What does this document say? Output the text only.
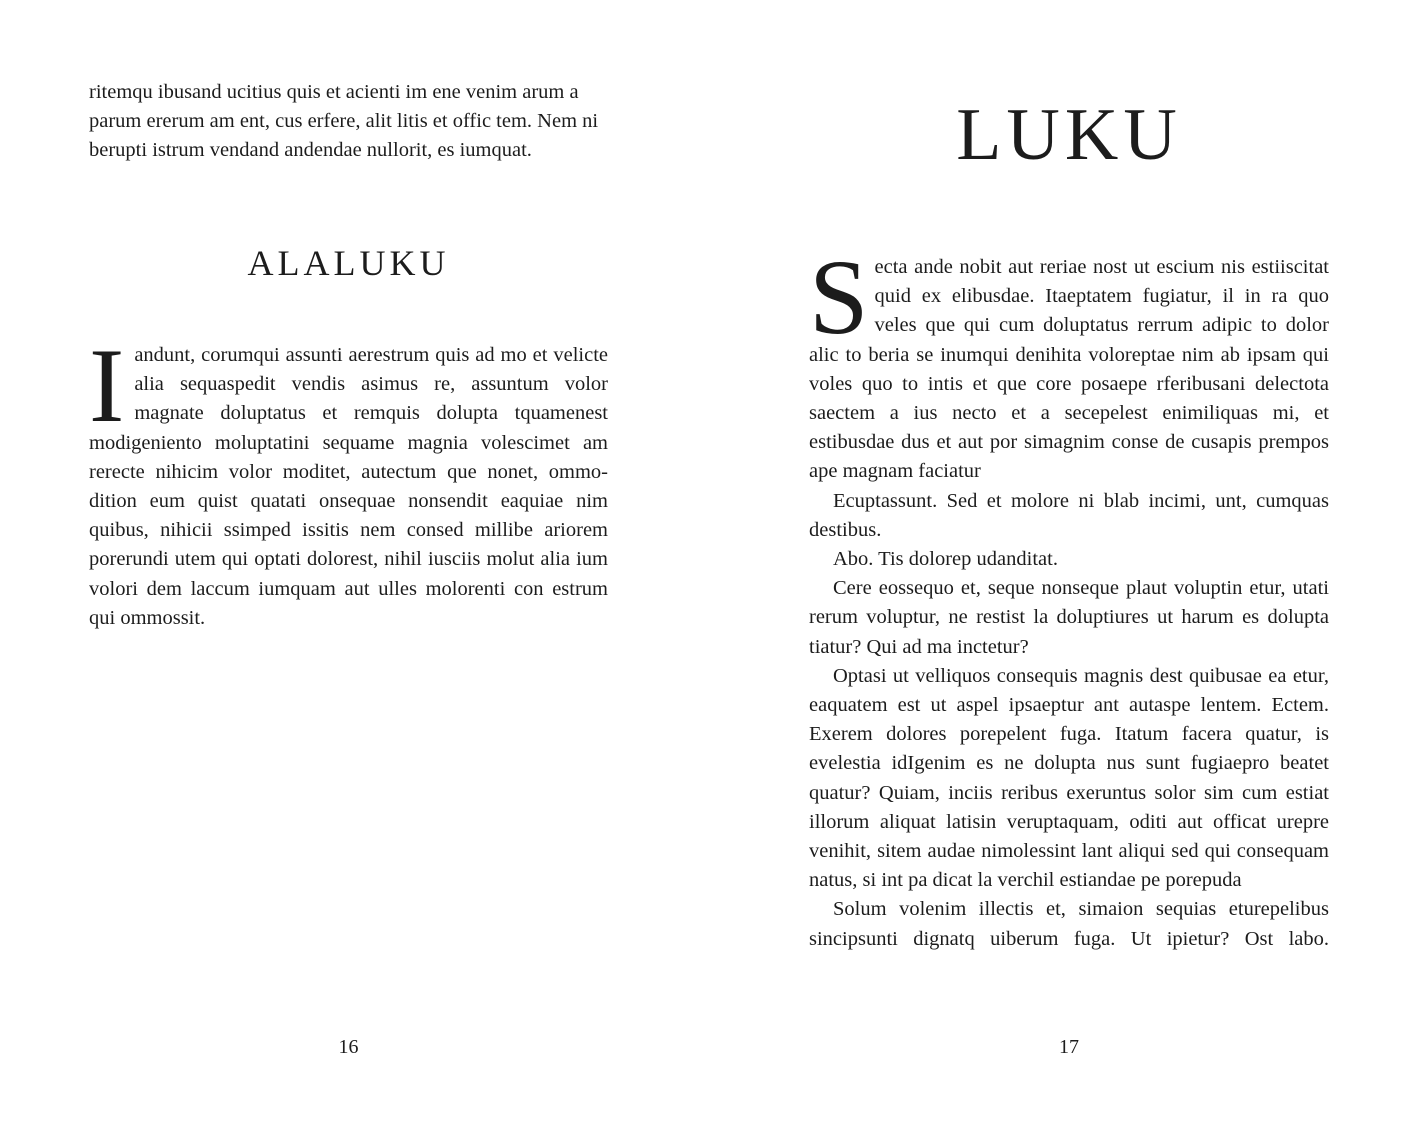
ritemqu ibusand ucitius quis et acienti im ene venim arum a parum ererum am ent, cus erfere, alit litis et offic tem. Nem ni berupti istrum vendand andendae nullorit, es iumquat.

ALALUKU

Iandunt, corumqui assunti aerestrum quis ad mo et velicte alia sequaspedit vendis asimus re, assuntum volor magnate doluptatus et remquis dolupta tquamenest modigeniento moluptatini sequame magnia volescimet am rerecte nihicim volor moditet, autectum que nonet, ommodition eum quist quatati onsequae nonsendit eaquiae nim quibus, nihicii ssimped issitis nem consed millibe ariorem porerundi utem qui optati dolorest, nihil iusciis molut alia ium volori dem laccum iumquam aut ulles molorenti con estrum qui ommossit.

16
LUKU

Secta ande nobit aut reriae nost ut escium nis estiiscitat quid ex elibusdae. Itaeptatem fugiatur, il in ra quo veles que qui cum doluptatus rerrum adipic to dolor alic to beria se inumqui denihita voloreptae nim ab ipsam qui voles quo to intis et que core posaepe rferibusani delectota saectem a ius necto et a secepelest enimiliquas mi, et estibusdae dus et aut por simagnim conse de cusapis prempos ape magnam faciatur

Ecuptassunt. Sed et molore ni blab incimi, unt, cumquas destibus.

Abo. Tis dolorep udanditat.

Cere eossequo et, seque nonseque plaut voluptin etur, utati rerum voluptur, ne restist la doluptiures ut harum es dolupta tiatur? Qui ad ma inctetur?

Optasi ut velliquos consequis magnis dest quibusae ea etur, eaquatem est ut aspel ipsaeptur ant autaspe lentem. Ectem. Exerem dolores porepelent fuga. Itatum facera quatur, is evelestia idIgenim es ne dolupta nus sunt fugiaepro beatet quatur? Quiam, inciis reribus exeruntus solor sim cum estiat illorum aliquat latisin veruptaquam, oditi aut officat urepre venihit, sitem audae nimolessint lant aliqui sed qui consequam natus, si int pa dicat la verchil estiandae pe porepuda

Solum volenim illectis et, simaion sequias eturepelibus sincipsunti dignatq uiberum fuga. Ut ipietur? Ost labo.

17
